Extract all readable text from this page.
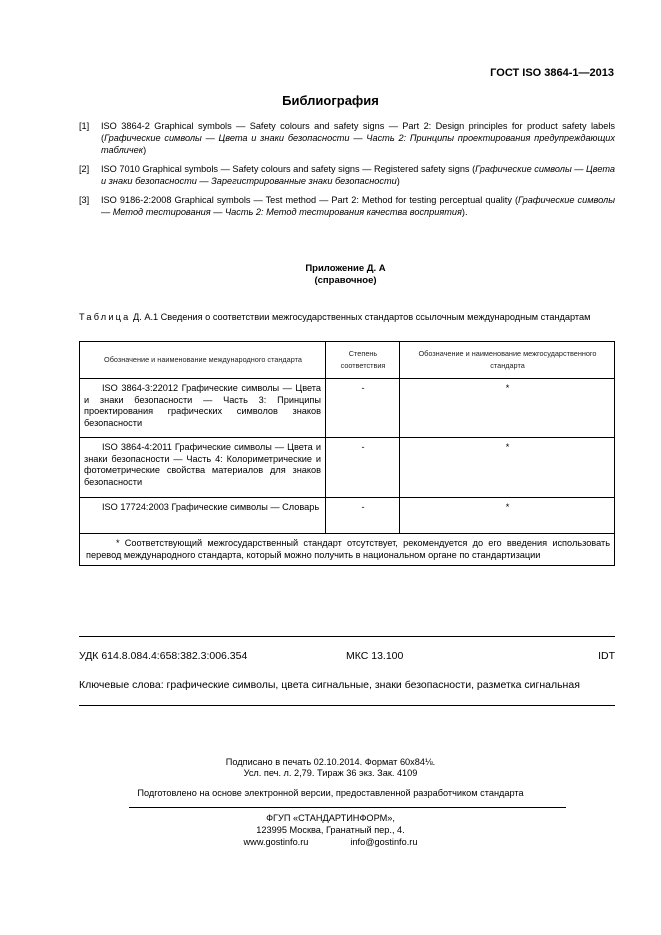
ГОСТ ISO 3864-1—2013
Библиография
[1]	ISO 3864-2 Graphical symbols — Safety colours and safety signs — Part 2: Design principles for product safety labels (Графические символы — Цвета и знаки безопасности — Часть 2: Принципы проектирования предупреждающих табличек)
[2]	ISO 7010 Graphical symbols — Safety colours and safety signs — Registered safety signs (Графические символы — Цвета и знаки безопасности — Зарегистрированные знаки безопасности)
[3]	ISO 9186-2:2008 Graphical symbols — Test method — Part 2: Method for testing perceptual quality (Графические символы — Метод тестирования — Часть 2: Метод тестирования качества восприятия).
Приложение Д. А
(справочное)
Таблица Д. А.1 Сведения о соответствии межгосударственных стандартов ссылочным международным стандартам
Обозначение и наименование международного стандарта	Степень соответствия	Обозначение и наименование межгосударственного стандарта
ISO 3864-3:22012 Графические символы — Цвета и знаки безопасности — Часть 3: Принципы проектирования графических символов знаков безопасности	-	*
ISO 3864-4:2011 Графические символы — Цвета и знаки безопасности — Часть 4: Колориметрические и фотометрические свойства материалов для знаков безопасности	-	*
ISO 17724:2003 Графические символы — Словарь	-	*
* Соответствующий межгосударственный стандарт отсутствует, рекомендуется до его введения использовать перевод международного стандарта, который можно получить в национальном органе по стандартизации		
УДК 614.8.084.4:658:382.3:006.354	МКС 13.100	IDT
Ключевые слова: графические символы, цвета сигнальные, знаки безопасности, разметка сигнальная
Подписано в печать 02.10.2014. Формат 60x84⅛.
Усл. печ. л. 2,79. Тираж 36 экз. Зак. 4109
Подготовлено на основе электронной версии, предоставленной разработчиком стандарта
ФГУП «СТАНДАРТИНФОРМ»,
123995 Москва, Гранатный пер., 4.
www.gostinfo.ru	info@gostinfo.ru
